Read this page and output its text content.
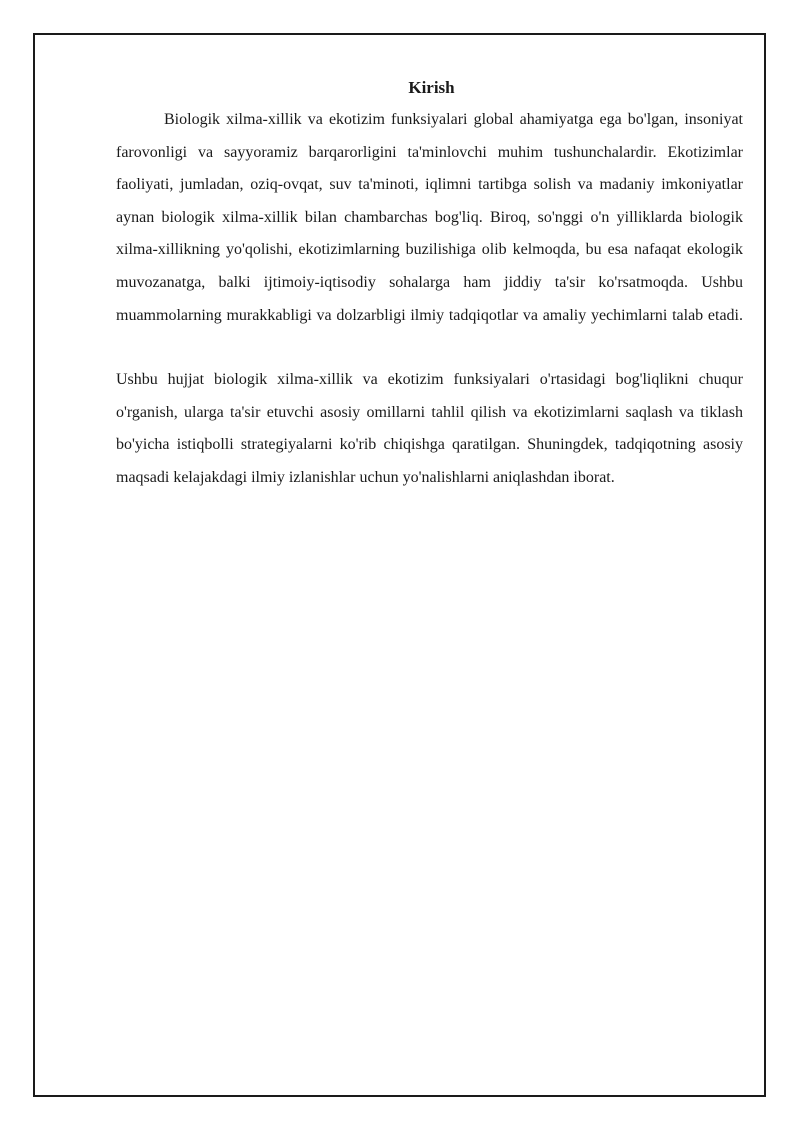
Kirish

Biologik xilma-xillik va ekotizim funksiyalari global ahamiyatga ega bo'lgan, insoniyat farovonligi va sayyoramiz barqarorligini ta'minlovchi muhim tushunchalardir. Ekotizimlar faoliyati, jumladan, oziq-ovqat, suv ta'minoti, iqlimni tartibga solish va madaniy imkoniyatlar aynan biologik xilma-xillik bilan chambarchas bog'liq. Biroq, so'nggi o'n yilliklarda biologik xilma-xillikning yo'qolishi, ekotizimlarning buzilishiga olib kelmoqda, bu esa nafaqat ekologik muvozanatga, balki ijtimoiy-iqtisodiy sohalarga ham jiddiy ta'sir ko'rsatmoqda. Ushbu muammolarning murakkabligi va dolzarbligi ilmiy tadqiqotlar va amaliy yechimlarni talab etadi.

Ushbu hujjat biologik xilma-xillik va ekotizim funksiyalari o'rtasidagi bog'liqlikni chuqur o'rganish, ularga ta'sir etuvchi asosiy omillarni tahlil qilish va ekotizimlarni saqlash va tiklash bo'yicha istiqbolli strategiyalarni ko'rib chiqishga qaratilgan. Shuningdek, tadqiqotning asosiy maqsadi kelajakdagi ilmiy izlanishlar uchun yo'nalishlarni aniqlashdan iborat.
